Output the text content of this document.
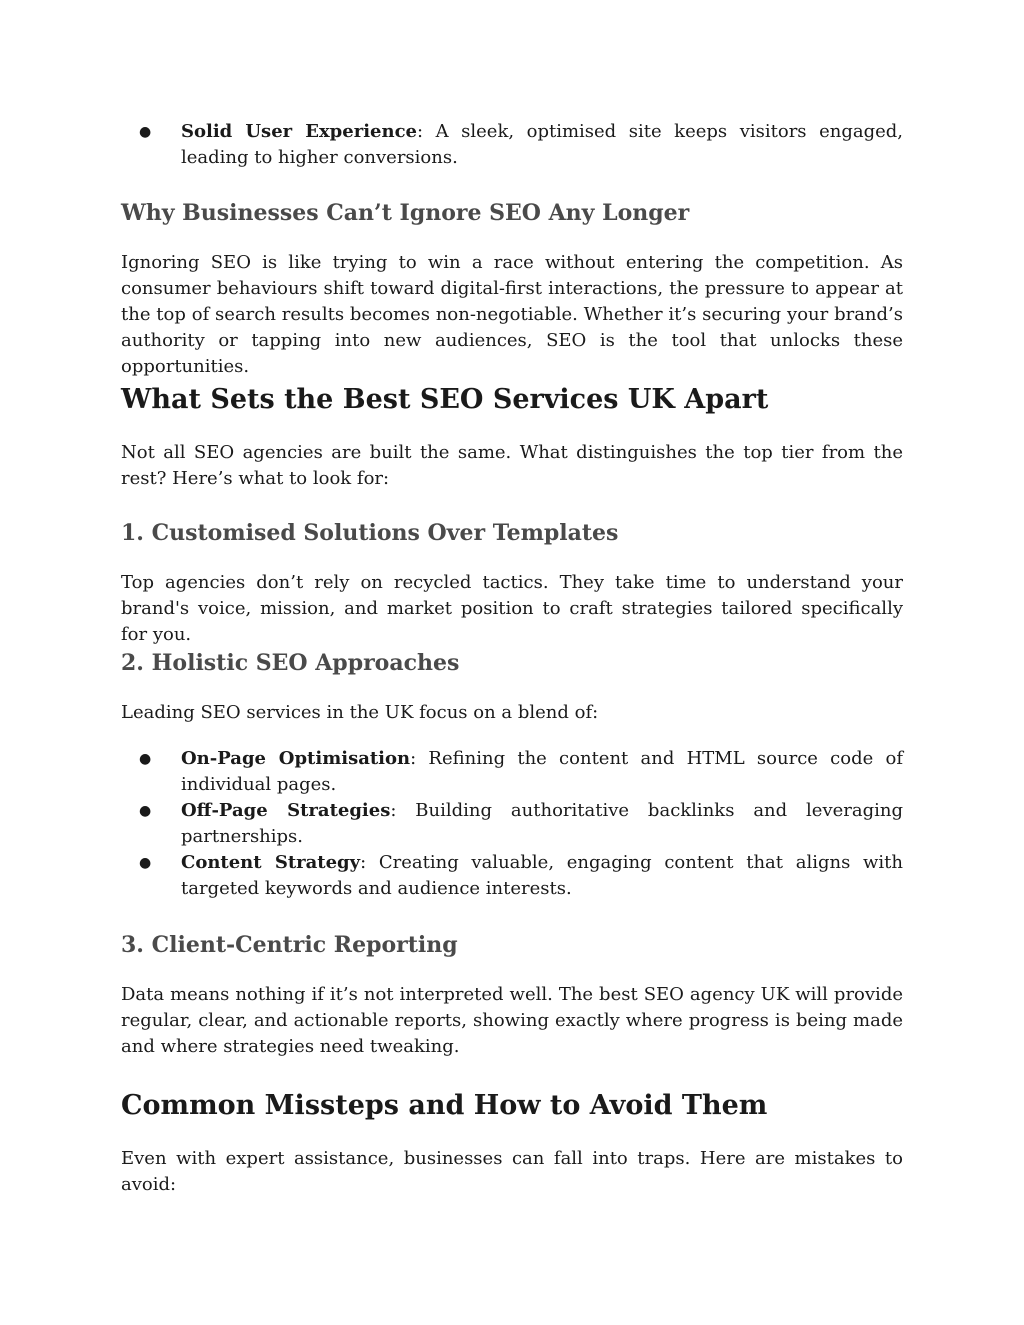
● Solid User Experience: A sleek, optimised site keeps visitors engaged, leading to higher conversions.
Why Businesses Can’t Ignore SEO Any Longer

Ignoring SEO is like trying to win a race without entering the competition. As consumer behaviours shift toward digital-first interactions, the pressure to appear at the top of search results becomes non-negotiable. Whether it’s securing your brand’s authority or tapping into new audiences, SEO is the tool that unlocks these opportunities.

What Sets the Best SEO Services UK Apart

Not all SEO agencies are built the same. What distinguishes the top tier from the rest? Here’s what to look for:

1. Customised Solutions Over Templates

Top agencies don’t rely on recycled tactics. They take time to understand your brand's voice, mission, and market position to craft strategies tailored specifically for you.

2. Holistic SEO Approaches

Leading SEO services in the UK focus on a blend of:

● On-Page Optimisation: Refining the content and HTML source code of individual pages.
● Off-Page Strategies: Building authoritative backlinks and leveraging partnerships.
● Content Strategy: Creating valuable, engaging content that aligns with targeted keywords and audience interests.
3. Client-Centric Reporting

Data means nothing if it’s not interpreted well. The best SEO agency UK will provide regular, clear, and actionable reports, showing exactly where progress is being made and where strategies need tweaking.

Common Missteps and How to Avoid Them

Even with expert assistance, businesses can fall into traps. Here are mistakes to avoid:
